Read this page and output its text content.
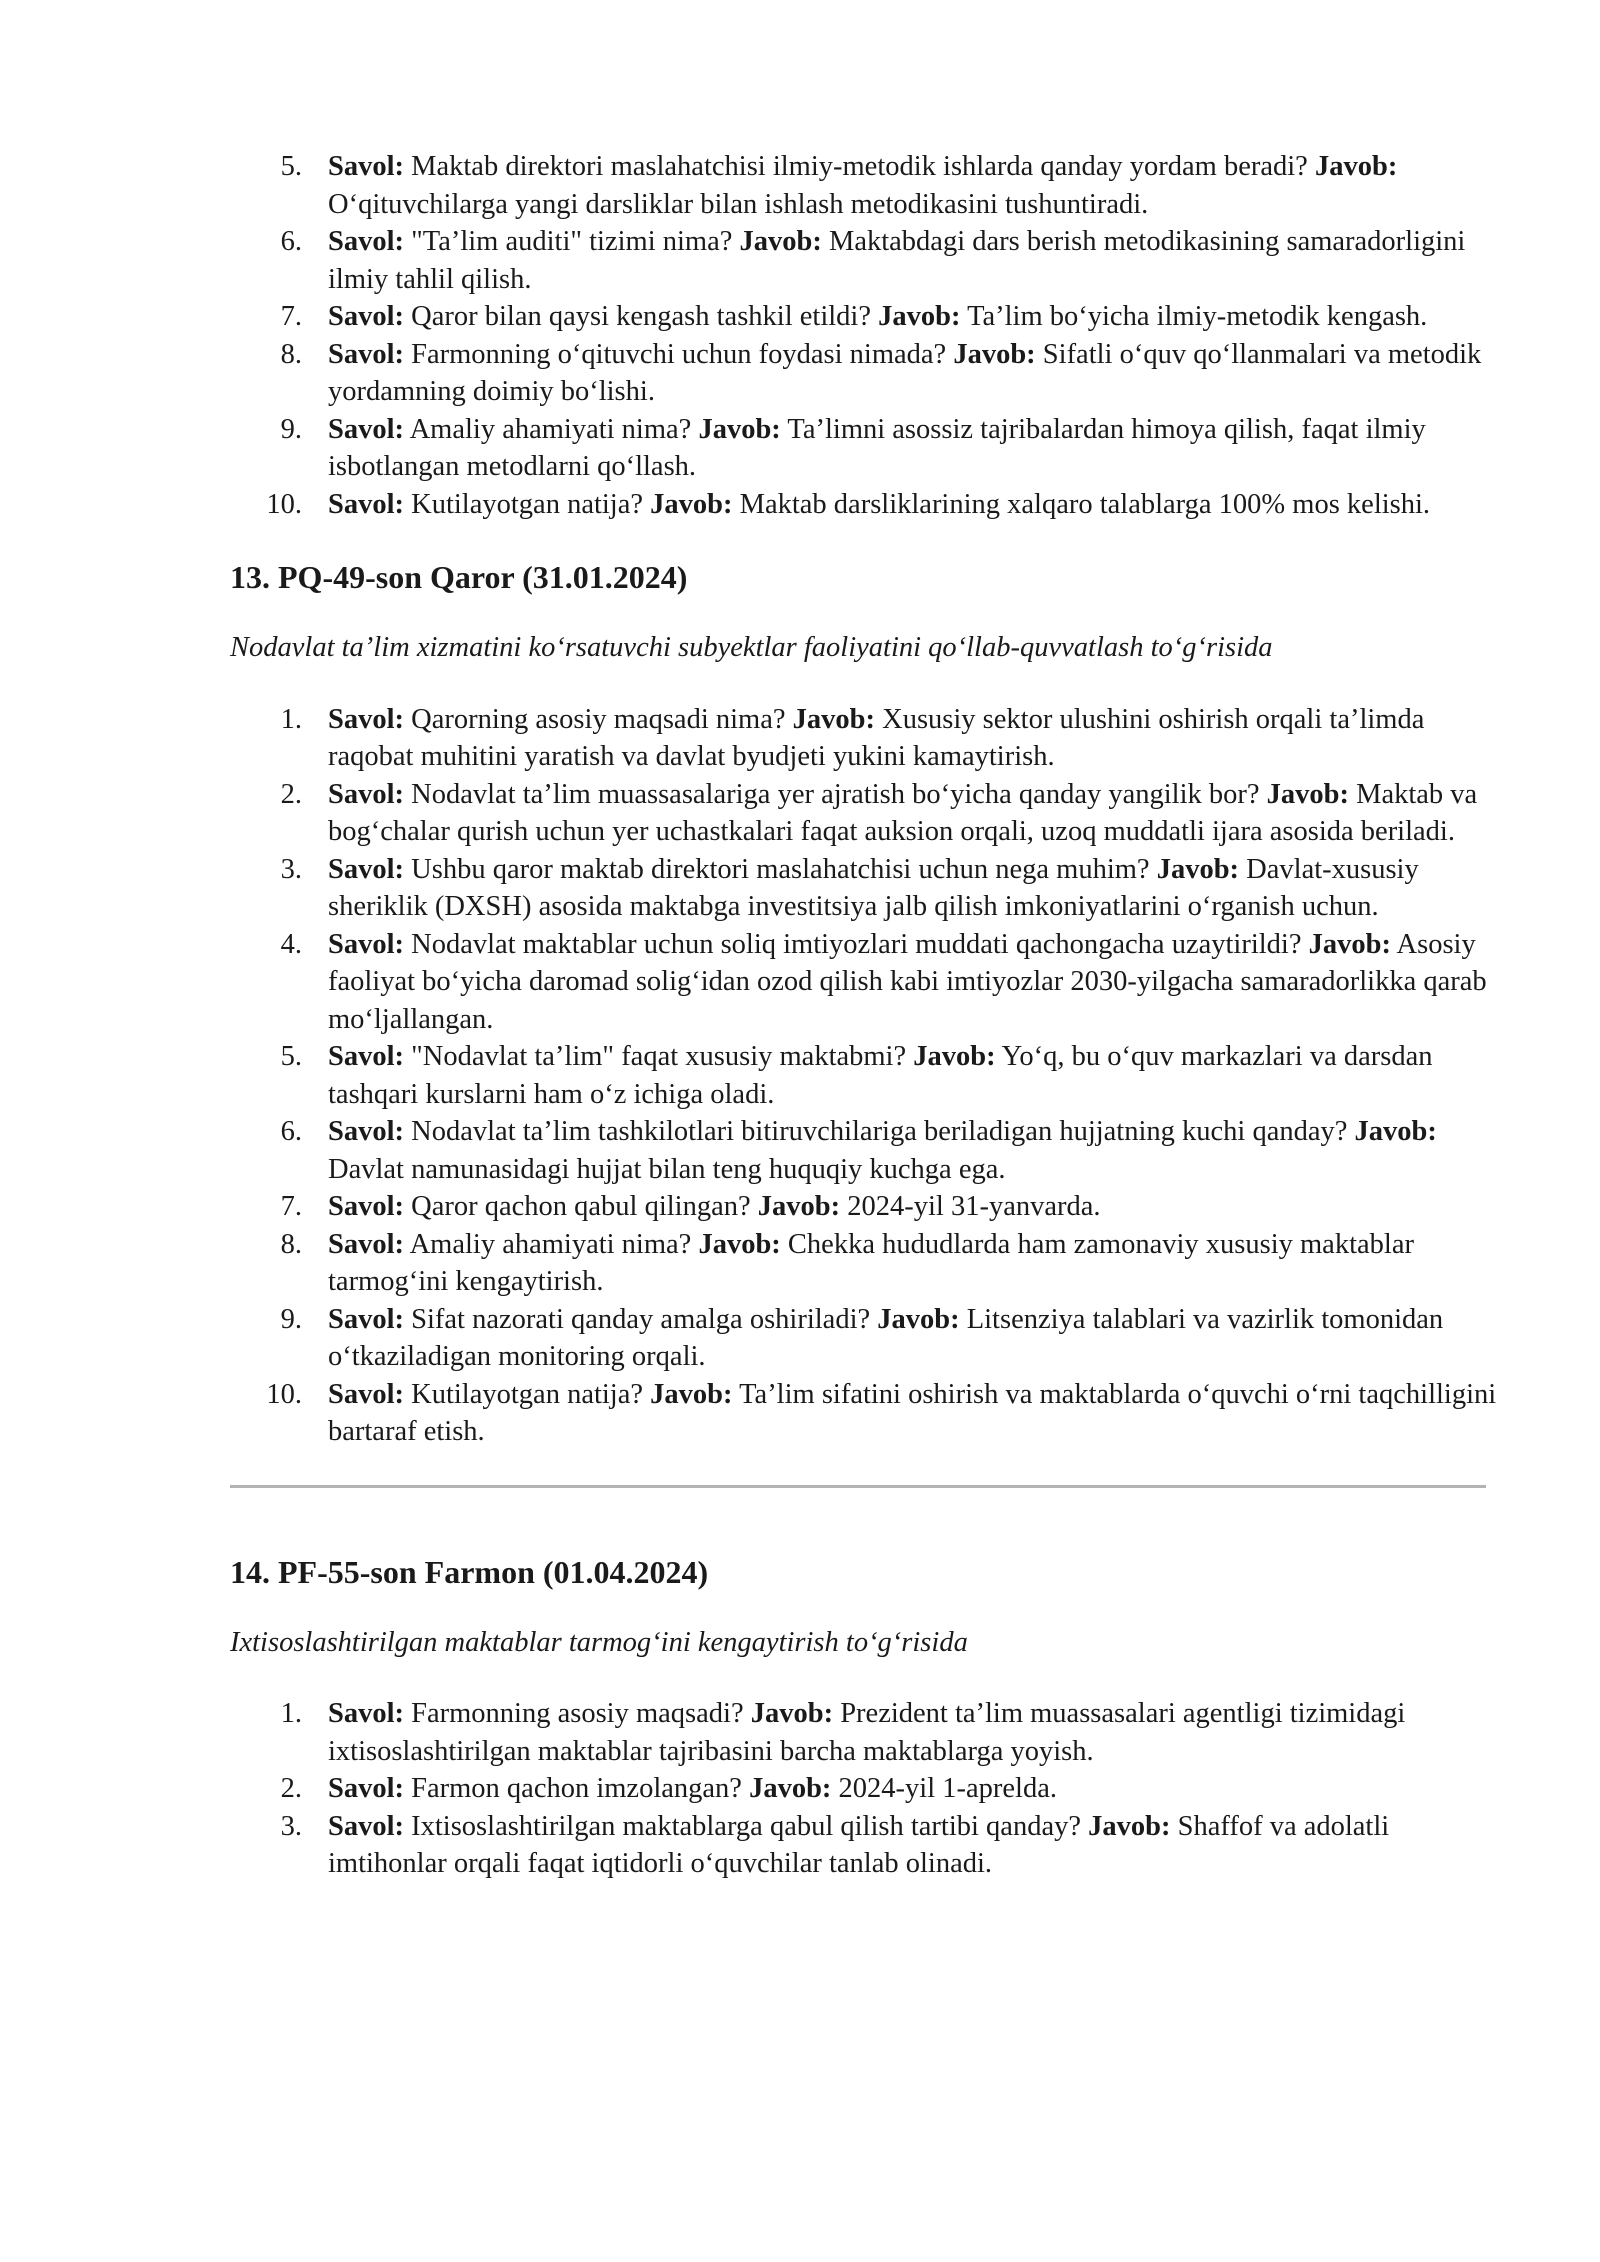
5. Savol: Maktab direktori maslahatchisi ilmiy-metodik ishlarda qanday yordam beradi? Javob: O‘qituvchilarga yangi darsliklar bilan ishlash metodikasini tushuntiradi.
6. Savol: "Ta’lim auditi" tizimi nima? Javob: Maktabdagi dars berish metodikasining samaradorligini ilmiy tahlil qilish.
7. Savol: Qaror bilan qaysi kengash tashkil etildi? Javob: Ta’lim bo‘yicha ilmiy-metodik kengash.
8. Savol: Farmonning o‘qituvchi uchun foydasi nimada? Javob: Sifatli o‘quv qo‘llanmalari va metodik yordamning doimiy bo‘lishi.
9. Savol: Amaliy ahamiyati nima? Javob: Ta’limni asossiz tajribalardan himoya qilish, faqat ilmiy isbotlangan metodlarni qo‘llash.
10. Savol: Kutilayotgan natija? Javob: Maktab darsliklarining xalqaro talablarga 100% mos kelishi.
13. PQ-49-son Qaror (31.01.2024)
Nodavlat ta’lim xizmatini ko‘rsatuvchi subyektlar faoliyatini qo‘llab-quvvatlash to‘g‘risida
1. Savol: Qarorning asosiy maqsadi nima? Javob: Xususiy sektor ulushini oshirish orqali ta’limda raqobat muhitini yaratish va davlat byudjeti yukini kamaytirish.
2. Savol: Nodavlat ta’lim muassasalariga yer ajratish bo‘yicha qanday yangilik bor? Javob: Maktab va bog‘chalar qurish uchun yer uchastkalari faqat auksion orqali, uzoq muddatli ijara asosida beriladi.
3. Savol: Ushbu qaror maktab direktori maslahatchisi uchun nega muhim? Javob: Davlat-xususiy sheriklik (DXSH) asosida maktabga investitsiya jalb qilish imkoniyatlarini o‘rganish uchun.
4. Savol: Nodavlat maktablar uchun soliq imtiyozlari muddati qachongacha uzaytirildi? Javob: Asosiy faoliyat bo‘yicha daromad solig‘idan ozod qilish kabi imtiyozlar 2030-yilgacha samaradorlikka qarab mo‘ljallangan.
5. Savol: "Nodavlat ta’lim" faqat xususiy maktabmi? Javob: Yo‘q, bu o‘quv markazlari va darsdan tashqari kurslarni ham o‘z ichiga oladi.
6. Savol: Nodavlat ta’lim tashkilotlari bitiruvchilariga beriladigan hujjatning kuchi qanday? Javob: Davlat namunasidagi hujjat bilan teng huquqiy kuchga ega.
7. Savol: Qaror qachon qabul qilingan? Javob: 2024-yil 31-yanvarda.
8. Savol: Amaliy ahamiyati nima? Javob: Chekka hududlarda ham zamonaviy xususiy maktablar tarmog‘ini kengaytirish.
9. Savol: Sifat nazorati qanday amalga oshiriladi? Javob: Litsenziya talablari va vazirlik tomonidan o‘tkaziladigan monitoring orqali.
10. Savol: Kutilayotgan natija? Javob: Ta’lim sifatini oshirish va maktablarda o‘quvchi o‘rni taqchilligini bartaraf etish.
14. PF-55-son Farmon (01.04.2024)
Ixtisoslashtirilgan maktablar tarmog‘ini kengaytirish to‘g‘risida
1. Savol: Farmonning asosiy maqsadi? Javob: Prezident ta’lim muassasalari agentligi tizimidagi ixtisoslashtirilgan maktablar tajribasini barcha maktablarga yoyish.
2. Savol: Farmon qachon imzolangan? Javob: 2024-yil 1-aprelda.
3. Savol: Ixtisoslashtirilgan maktablarga qabul qilish tartibi qanday? Javob: Shaffof va adolatli imtihonlar orqali faqat iqtidorli o‘quvchilar tanlab olinadi.
